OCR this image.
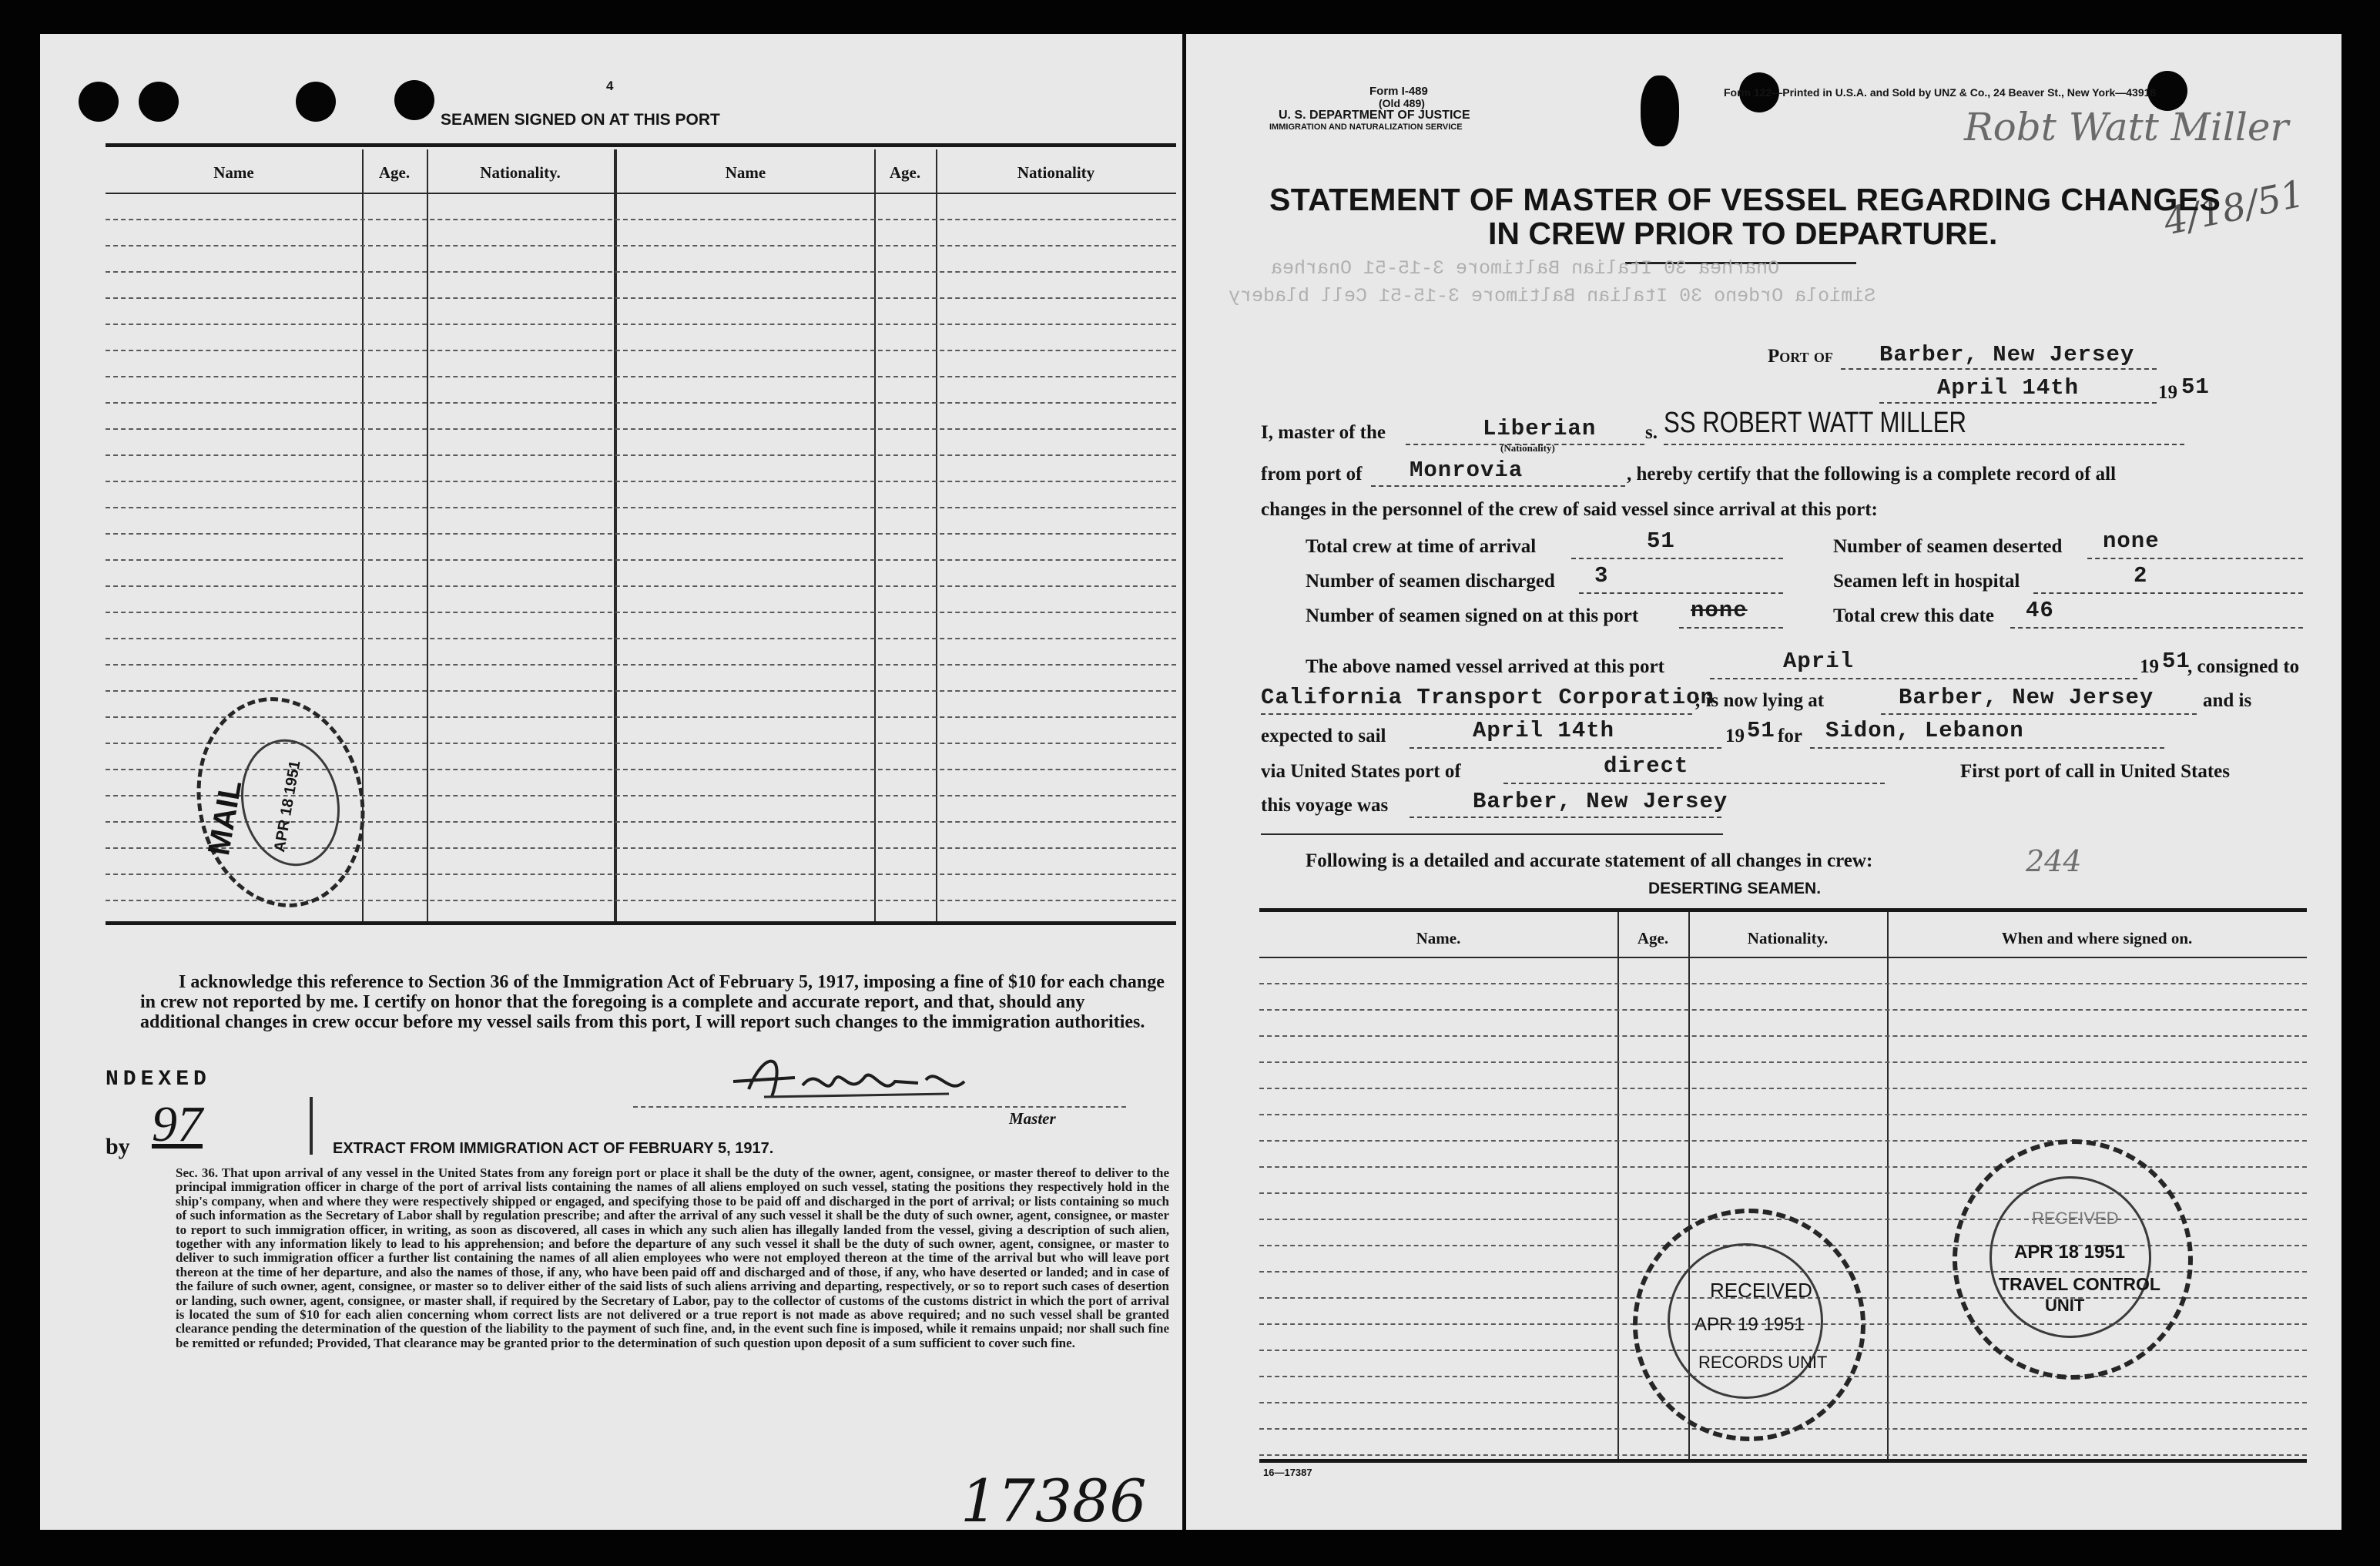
4
SEAMEN SIGNED ON AT THIS PORT
Name	Age.	Nationality.	Name	Age.	Nationality
MAIL APR 18 1951
I acknowledge this reference to Section 36 of the Immigration Act of February 5, 1917, imposing a fine of $10 for each change in crew not reported by me. I certify on honor that the foregoing is a complete and accurate report, and that, should any additional changes in crew occur before my vessel sails from this port, I will report such changes to the immigration authorities.
Master
NDEXED
by 97	EXTRACT FROM IMMIGRATION ACT OF FEBRUARY 5, 1917.
Sec. 36. That upon arrival of any vessel in the United States from any foreign port or place it shall be the duty of the owner, agent, consignee, or master thereof to deliver to the principal immigration officer in charge of the port of arrival lists containing the names of all aliens employed on such vessel, stating the positions they respectively hold in the ship's company, when and where they were respectively shipped or engaged, and specifying those to be paid off and discharged in the port of arrival; or lists containing so much of such information as the Secretary of Labor shall by regulation prescribe; and after the arrival of any such vessel it shall be the duty of such owner, agent, consignee, or master to report to such immigration officer, in writing, as soon as discovered, all cases in which any such alien has illegally landed from the vessel, giving a description of such alien, together with any information likely to lead to his apprehension; and before the departure of any such vessel it shall be the duty of such owner, agent, consignee, or master to deliver to such immigration officer a further list containing the names of all alien employees who were not employed thereon at the time of the arrival but who will leave port thereon at the time of her departure, and also the names of those, if any, who have been paid off and discharged and of those, if any, who have deserted or landed; and in case of the failure of such owner, agent, consignee, or master so to deliver either of the said lists of such aliens arriving and departing, respectively, or so to report such cases of desertion or landing, such owner, agent, consignee, or master shall, if required by the Secretary of Labor, pay to the collector of customs of the customs district in which the port of arrival is located the sum of $10 for each alien concerning whom correct lists are not delivered or a true report is not made as above required; and no such vessel shall be granted clearance pending the determination of the question of the liability to the payment of such fine, and, in the event such fine is imposed, while it remains unpaid; nor shall such fine be remitted or refunded; Provided, That clearance may be granted prior to the determination of such question upon deposit of a sum sufficient to cover such fine.
17386
Form I-489
(Old 489)
U. S. DEPARTMENT OF JUSTICE
IMMIGRATION AND NATURALIZATION SERVICE
Form 122—Printed in U.S.A. and Sold by UNZ & Co., 24 Beaver St., New York—43918
Robt Watt Miller
4/18/51
STATEMENT OF MASTER OF VESSEL REGARDING CHANGES
IN CREW PRIOR TO DEPARTURE.
Onarhea 30 Italian Baltimore 3-15-51 Onarhea
Simiola Ordeno 30 Italian Baltimore 3-15-51 Cell bladery
Port of Barber, New Jersey
April 14th	19 51
I, master of the	Liberian
(Nationality)
s. SS ROBERT WATT MILLER
from port of Monrovia	, hereby certify that the following is a complete record of all
changes in the personnel of the crew of said vessel since arrival at this port:
Total crew at time of arrival	51	Number of seamen deserted none
Number of seamen discharged 3	Seamen left in hospital	2
Number of seamen signed on at this port none	Total crew this date 46
The above named vessel arrived at this port	April	19 51
, consigned to
California Transport Corporation
; is now lying at	Barber, New Jersey	and is
expected to sail	April 14th	19 51 for Sidon, Lebanon
via United States port of	direct	First port of call in United States
this voyage was	Barber, New Jersey
Following is a detailed and accurate statement of all changes in crew:	244
DESERTING SEAMEN.
Name.	Age.	Nationality.	When and where signed on.
RECEIVED
APR 19 1951
RECORDS UNIT
RECEIVED
APR 18 1951
TRAVEL CONTROL
UNIT
16—17387
